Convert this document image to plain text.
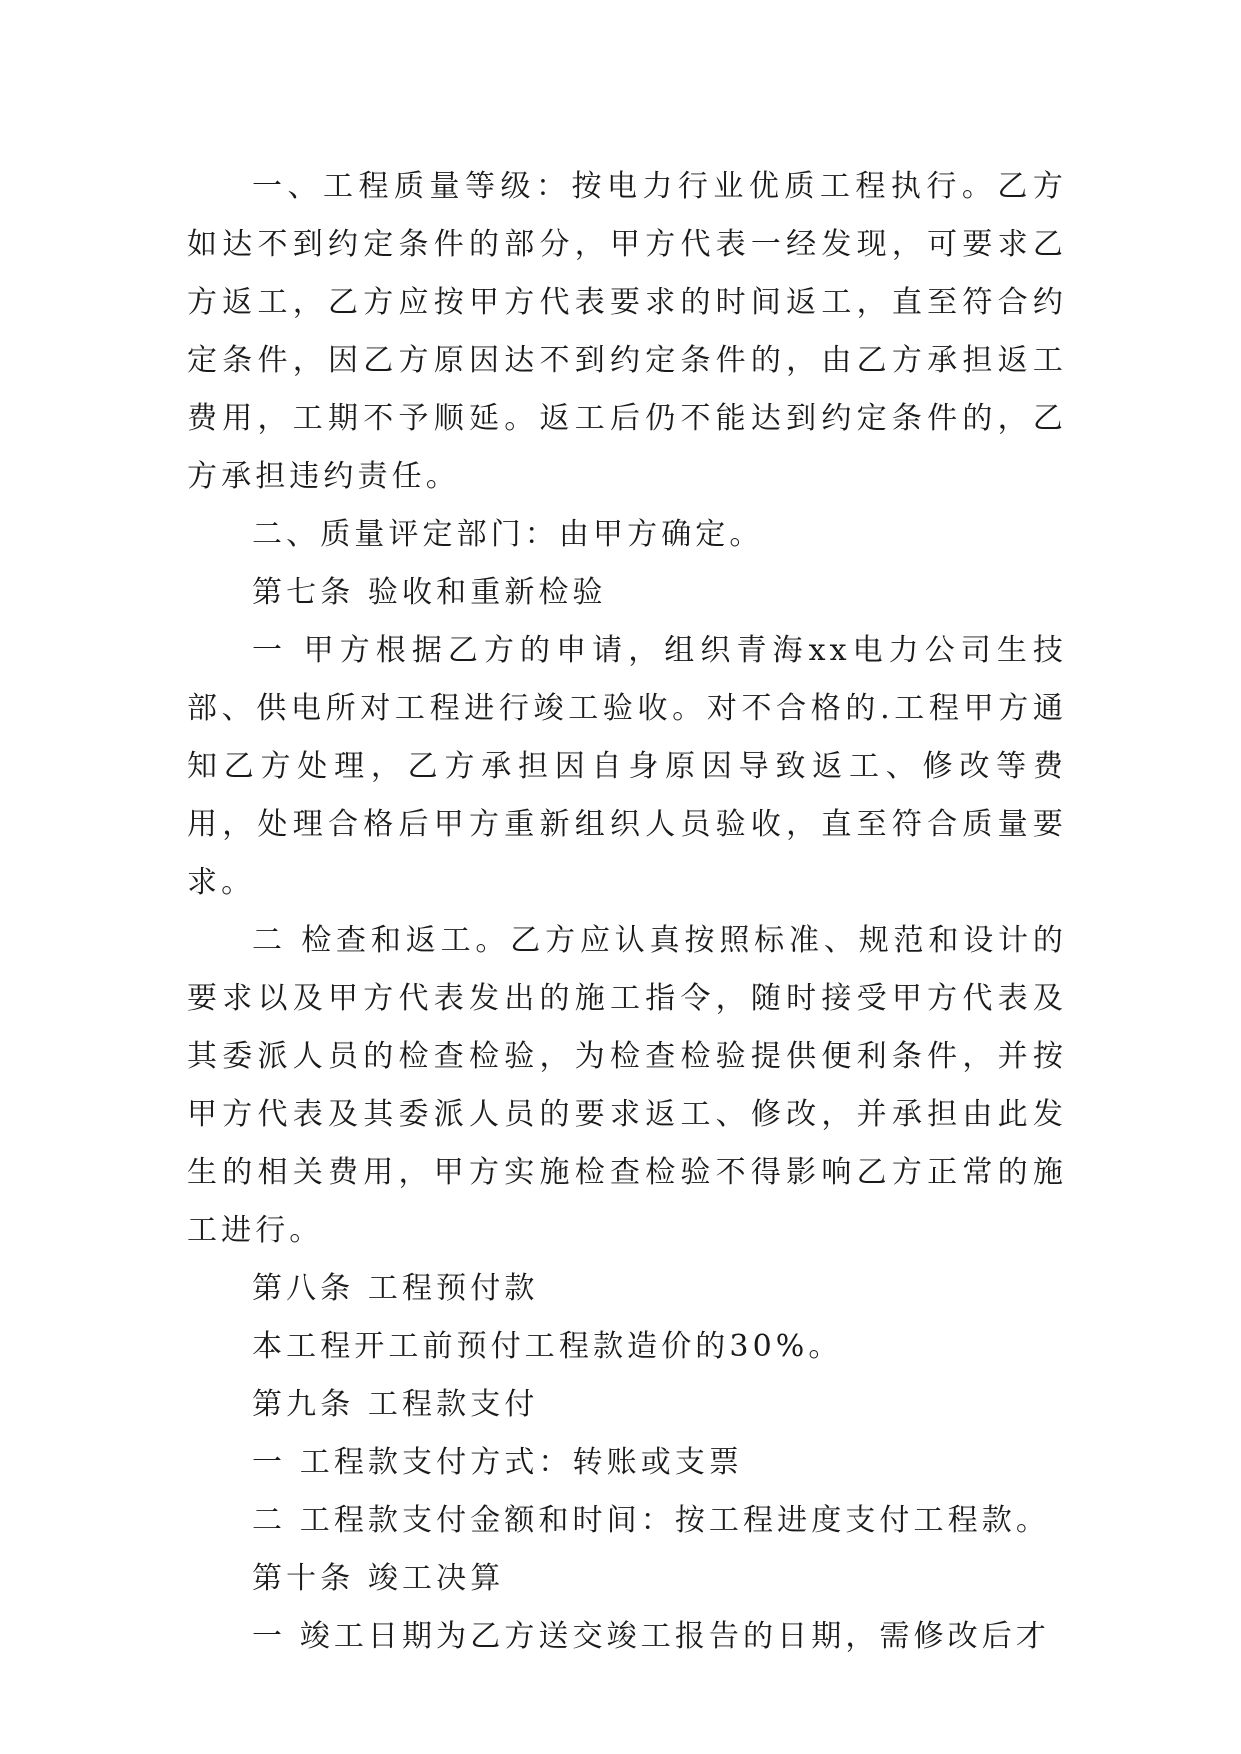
一、工程质量等级：按电力行业优质工程执行。乙方如达不到约定条件的部分，甲方代表一经发现，可要求乙方返工，乙方应按甲方代表要求的时间返工，直至符合约定条件，因乙方原因达不到约定条件的，由乙方承担返工费用，工期不予顺延。返工后仍不能达到约定条件的，乙方承担违约责任。

二、质量评定部门：由甲方确定。

第七条 验收和重新检验

一 甲方根据乙方的申请，组织青海xx电力公司生技部、供电所对工程进行竣工验收。对不合格的.工程甲方通知乙方处理，乙方承担因自身原因导致返工、修改等费用，处理合格后甲方重新组织人员验收，直至符合质量要求。

二 检查和返工。乙方应认真按照标准、规范和设计的要求以及甲方代表发出的施工指令，随时接受甲方代表及其委派人员的检查检验，为检查检验提供便利条件，并按甲方代表及其委派人员的要求返工、修改，并承担由此发生的相关费用，甲方实施检查检验不得影响乙方正常的施工进行。

第八条 工程预付款

本工程开工前预付工程款造价的30%。

第九条 工程款支付

一 工程款支付方式：转账或支票

二 工程款支付金额和时间：按工程进度支付工程款。

第十条 竣工决算

一 竣工日期为乙方送交竣工报告的日期，需修改后才
